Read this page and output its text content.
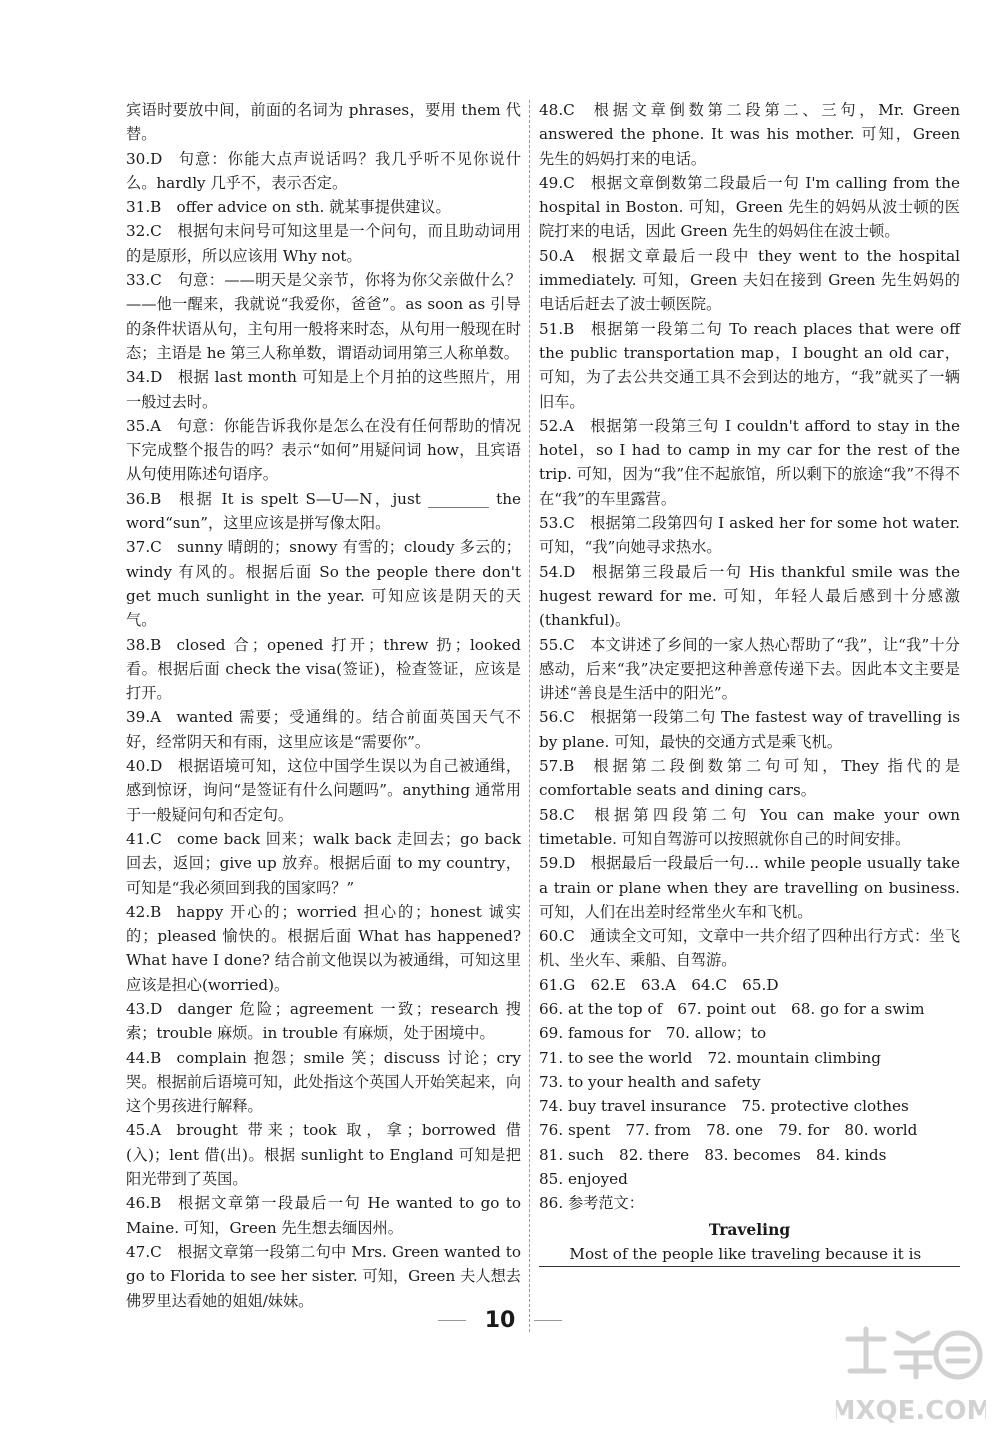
宾语时要放中间，前面的名词为 phrases，要用 them 代替。
30.D  句意：你能大点声说话吗？我几乎听不见你说什么。hardly 几乎不，表示否定。
31.B  offer advice on sth. 就某事提供建议。
32.C  根据句末问号可知这里是一个问句，而且助动词用的是原形，所以应该用 Why not。
33.C  句意：——明天是父亲节，你将为你父亲做什么？——他一醒来，我就说“我爱你，爸爸”。as soon as 引导的条件状语从句，主句用一般将来时态，从句用一般现在时态；主语是 he 第三人称单数，谓语动词用第三人称单数。
34.D  根据 last month 可知是上个月拍的这些照片，用一般过去时。
35.A  句意：你能告诉我你是怎么在没有任何帮助的情况下完成整个报告的吗？表示“如何”用疑问词 how，且宾语从句使用陈述句语序。
36.B  根据 It is spelt S—U—N，just ________ the word“sun”，这里应该是拼写像太阳。
37.C  sunny 晴朗的；snowy 有雪的；cloudy 多云的；windy 有风的。根据后面 So the people there don't get much sunlight in the year. 可知应该是阴天的天气。
38.B  closed 合；opened 打开；threw 扔；looked 看。根据后面 check the visa(签证)，检查签证，应该是打开。
39.A  wanted 需要；受通缉的。结合前面英国天气不好，经常阴天和有雨，这里应该是“需要你”。
40.D  根据语境可知，这位中国学生误以为自己被通缉，感到惊讶，询问“是签证有什么问题吗”。anything 通常用于一般疑问句和否定句。
41.C  come back 回来；walk back 走回去；go back 回去，返回；give up 放弃。根据后面 to my country，可知是“我必须回到我的国家吗？”
42.B  happy 开心的；worried 担心的；honest 诚实的；pleased 愉快的。根据后面 What has happened? What have I done? 结合前文他误以为被通缉，可知这里应该是担心(worried)。
43.D  danger 危险；agreement 一致；research 搜索；trouble 麻烦。in trouble 有麻烦，处于困境中。
44.B  complain 抱怨；smile 笑；discuss 讨论；cry 哭。根据前后语境可知，此处指这个英国人开始笑起来，向这个男孩进行解释。
45.A  brought 带来；took 取，拿；borrowed 借(入)；lent 借(出)。根据 sunlight to England 可知是把阳光带到了英国。
46.B  根据文章第一段最后一句 He wanted to go to Maine. 可知，Green 先生想去缅因州。
47.C  根据文章第一段第二句中 Mrs. Green wanted to go to Florida to see her sister. 可知，Green 夫人想去佛罗里达看她的姐姐/妹妹。
48.C  根据文章倒数第二段第二、三句，Mr. Green answered the phone. It was his mother. 可知，Green 先生的妈妈打来的电话。
49.C  根据文章倒数第二段最后一句 I'm calling from the hospital in Boston. 可知，Green 先生的妈妈从波士顿的医院打来的电话，因此 Green 先生的妈妈住在波士顿。
50.A  根据文章最后一段中 they went to the hospital immediately. 可知，Green 夫妇在接到 Green 先生妈妈的电话后赶去了波士顿医院。
51.B  根据第一段第二句 To reach places that were off the public transportation map，I bought an old car，可知，为了去公共交通工具不会到达的地方，“我”就买了一辆旧车。
52.A  根据第一段第三句 I couldn't afford to stay in the hotel，so I had to camp in my car for the rest of the trip. 可知，因为“我”住不起旅馆，所以剩下的旅途“我”不得不在“我”的车里露营。
53.C  根据第二段第四句 I asked her for some hot water. 可知，“我”向她寻求热水。
54.D  根据第三段最后一句 His thankful smile was the hugest reward for me. 可知，年轻人最后感到十分感激(thankful)。
55.C  本文讲述了乡间的一家人热心帮助了“我”，让“我”十分感动，后来“我”决定要把这种善意传递下去。因此本文主要是讲述“善良是生活中的阳光”。
56.C  根据第一段第二句 The fastest way of travelling is by plane. 可知，最快的交通方式是乘飞机。
57.B  根据第二段倒数第二句可知，They 指代的是 comfortable seats and dining cars。
58.C  根据第四段第二句 You can make your own timetable. 可知自驾游可以按照就你自己的时间安排。
59.D  根据最后一段最后一句... while people usually take a train or plane when they are travelling on business. 可知，人们在出差时经常坐火车和飞机。
60.C  通读全文可知，文章中一共介绍了四种出行方式：坐飞机、坐火车、乘船、自驾游。
61.G　62.E　63.A　64.C　65.D
66. at the top of　67. point out　68. go for a swim
69. famous for　70. allow；to
71. to see the world　72. mountain climbing
73. to your health and safety
74. buy travel insurance　75. protective clothes
76. spent　77. from　78. one　79. for　80. world
81. such　82. there　83. becomes　84. kinds
85. enjoyed
86. 参考范文：
Traveling
Most of the people like traveling because it is
10
MXQE.COM
